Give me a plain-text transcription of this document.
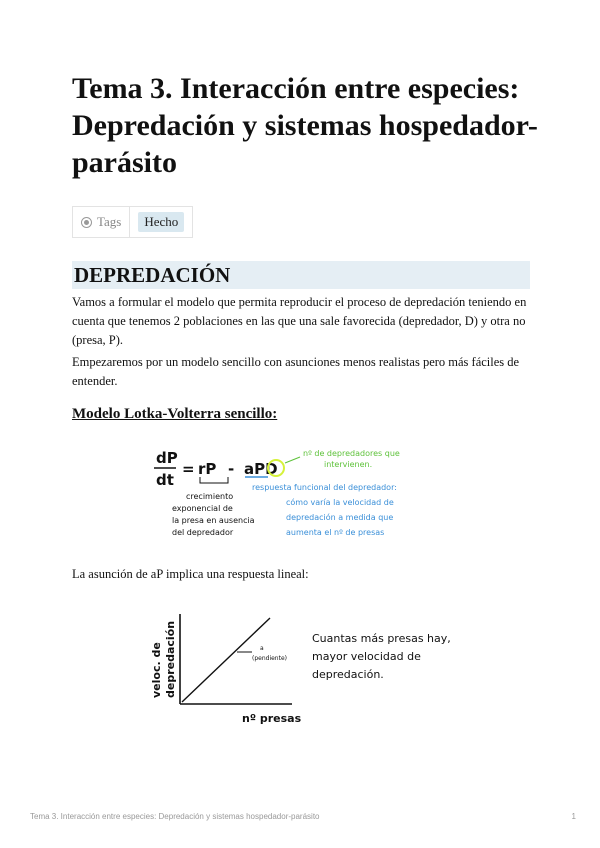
Tema 3. Interacción entre especies: Depredación y sistemas hospedador-parásito
Tags	Hecho
DEPREDACIÓN

Vamos a formular el modelo que permita reproducir el proceso de depredación teniendo en cuenta que tenemos 2 poblaciones en las que una sale favorecida (depredador, D) y otra no (presa, P).

Empezaremos por un modelo sencillo con asunciones menos realistas pero más fáciles de entender.

Modelo Lotka-Volterra sencillo:
dP
dt
= rP - aPD
nº de depredadores que
intervienen.
respuesta funcional del depredador:
cómo varía la velocidad de
depredación a medida que
aumenta el nº de presas
crecimiento
exponencial de
la presa en ausencia
del depredador

La asunción de aP implica una respuesta lineal:

veloc. de depredación
nº presas
a
(pendiente)
Cuantas más presas hay,
mayor velocidad de
depredación.
Tema 3. Interacción entre especies: Depredación y sistemas hospedador-parásito	1
